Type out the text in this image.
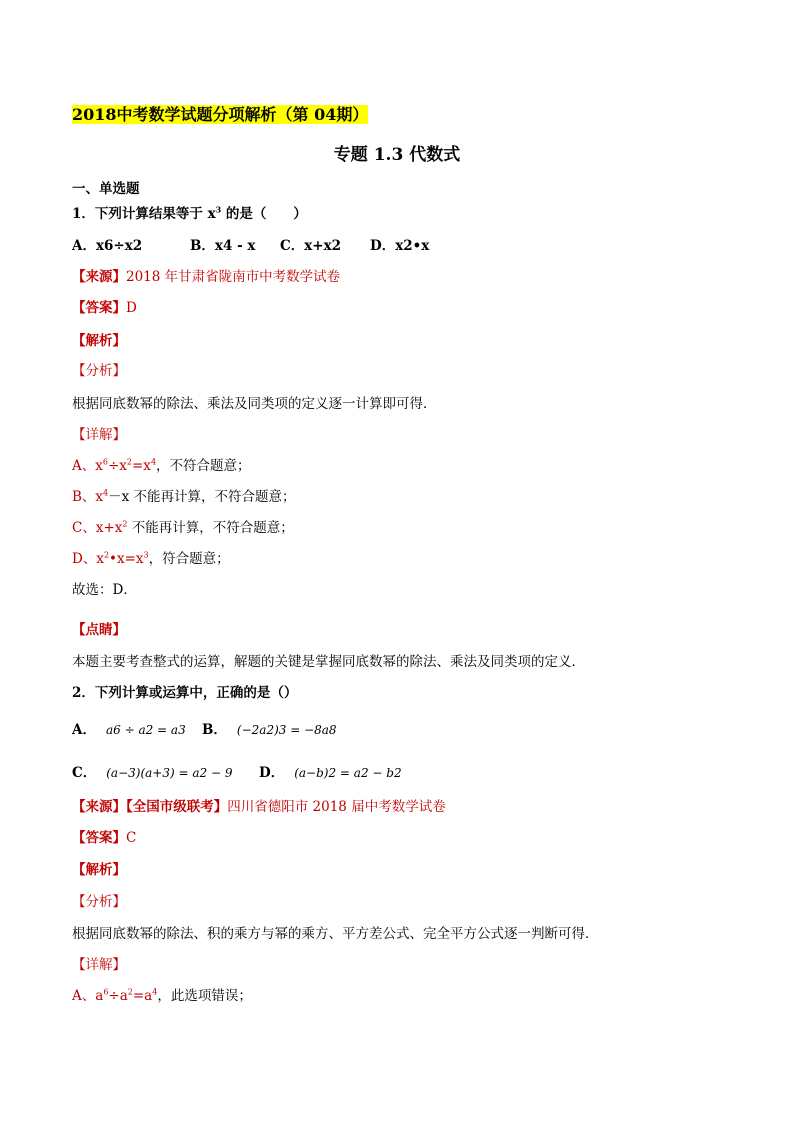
2018中考数学试题分项解析（第 04期）
专题 1.3 代数式
一、单选题
1．下列计算结果等于 $x^3$ 的是（　　）
A．x6÷x2	B．x4 - x C．x+x2 D．x2•x
【来源】2018 年甘肃省陇南市中考数学试卷
【答案】D
【解析】
【分析】
根据同底数幂的除法、乘法及同类项的定义逐一计算即可得．
【详解】
A、$x^6\div x^2=x^4$，不符合题意；
B、$x^4-x$ 不能再计算，不符合题意；
C、$x+x^2$ 不能再计算，不符合题意；
D、$x^2•x=x^3$，符合题意；
故选：D．
【点睛】
本题主要考查整式的运算，解题的关键是掌握同底数幂的除法、乘法及同类项的定义．
2．下列计算或运算中，正确的是（）
A． a6 ÷ a2 = a3 B． (−2a2)3 = −8a8
C． (a−3)(a+3) = a2 − 9 D． (a−b)2 = a2 − b2
【来源】【全国市级联考】四川省德阳市 2018 届中考数学试卷
【答案】C
【解析】
【分析】
根据同底数幂的除法、积的乘方与幂的乘方、平方差公式、完全平方公式逐一判断可得．
【详解】
A、$a^6\div a^2=a^4$，此选项错误；
